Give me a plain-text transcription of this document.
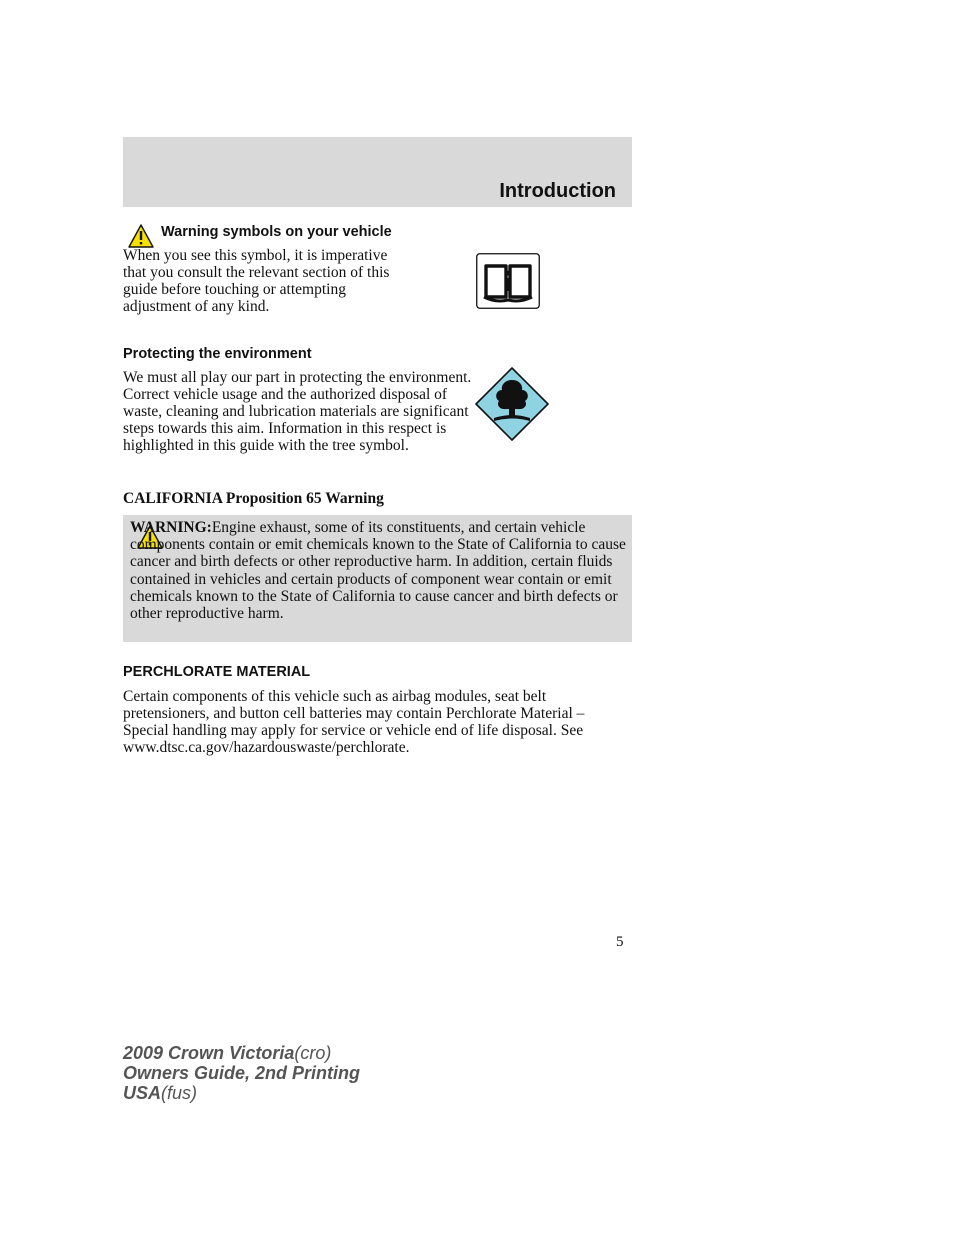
Introduction
Warning symbols on your vehicle

When you see this symbol, it is imperative that you consult the relevant section of this guide before touching or attempting adjustment of any kind.

Protecting the environment
We must all play our part in protecting the environment. Correct vehicle usage and the authorized disposal of waste, cleaning and lubrication materials are significant steps towards this aim. Information in this respect is highlighted in this guide with the tree symbol.
CALIFORNIA Proposition 65 Warning

WARNING:Engine exhaust, some of its constituents, and certain vehicle components contain or emit chemicals known to the State of California to cause cancer and birth defects or other reproductive harm. In addition, certain fluids contained in vehicles and certain products of component wear contain or emit chemicals known to the State of California to cause cancer and birth defects or other reproductive harm.

PERCHLORATE MATERIAL

Certain components of this vehicle such as airbag modules, seat belt pretensioners, and button cell batteries may contain Perchlorate Material – Special handling may apply for service or vehicle end of life disposal. See www.dtsc.ca.gov/hazardouswaste/perchlorate.

5
2009 Crown Victoria(cro)
Owners Guide, 2nd Printing
USA(fus)
